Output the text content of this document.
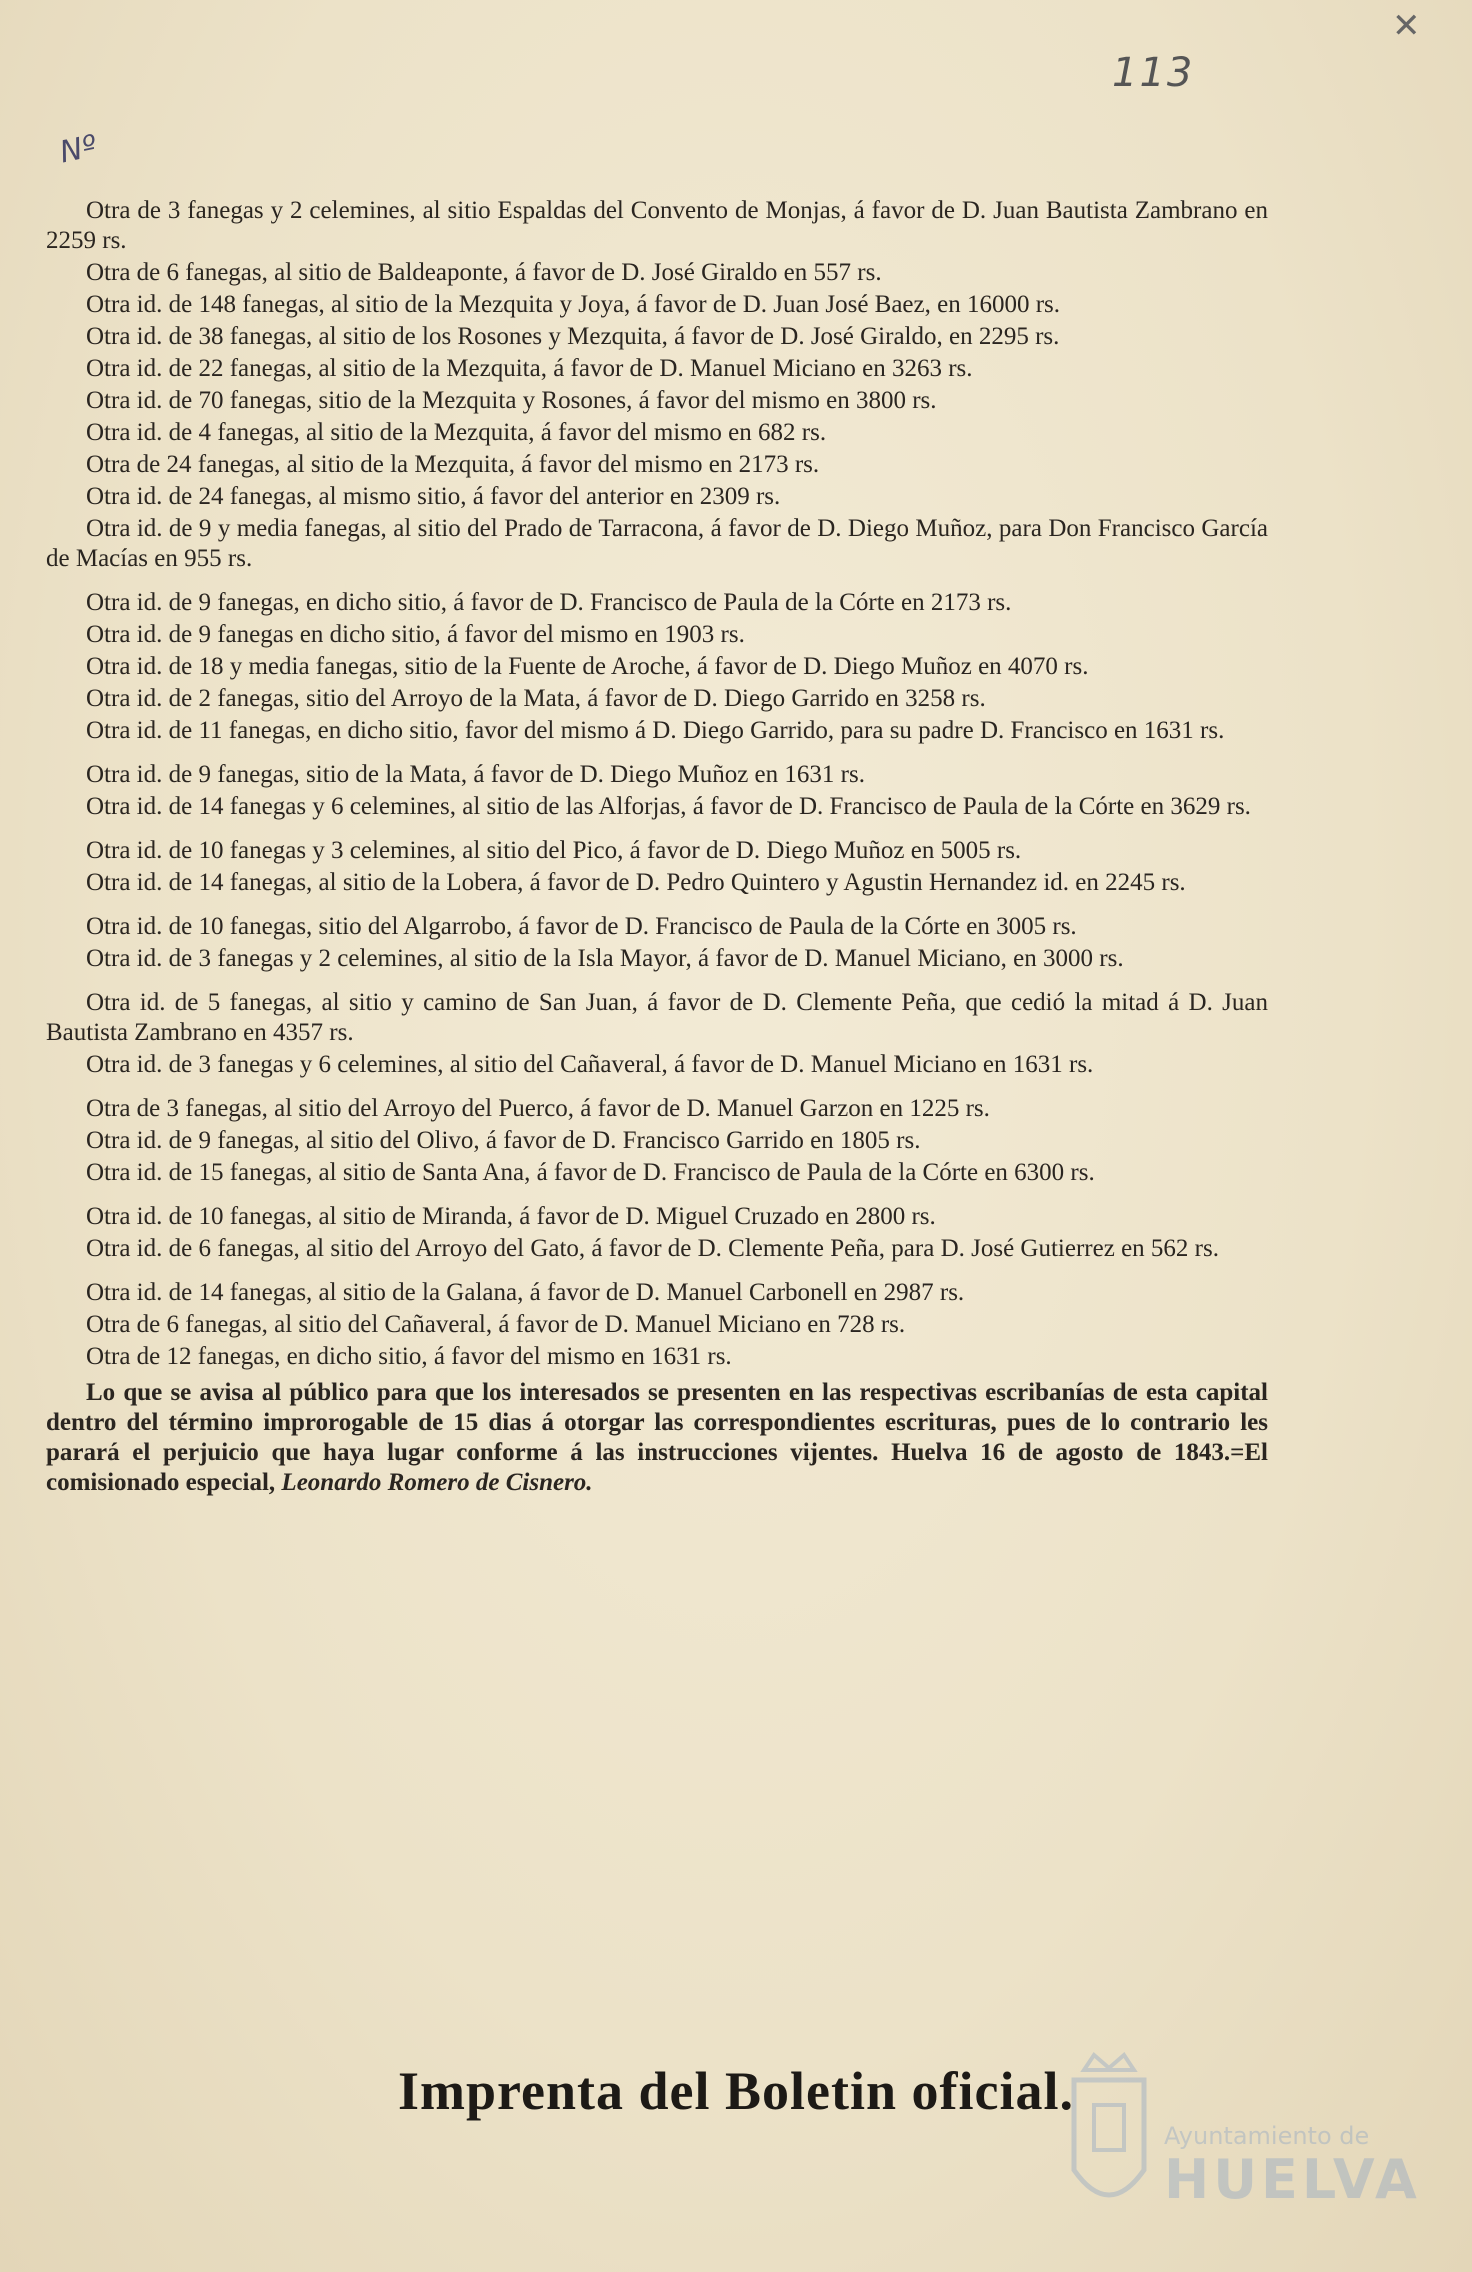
✕
113
Nº

Otra de 3 fanegas y 2 celemines, al sitio Espaldas del Convento de Monjas, á favor de D. Juan Bautista Zambrano en 2259 rs.

Otra de 6 fanegas, al sitio de Baldeaponte, á favor de D. José Giraldo en 557 rs.

Otra id. de 148 fanegas, al sitio de la Mezquita y Joya, á favor de D. Juan José Baez, en 16000 rs.

Otra id. de 38 fanegas, al sitio de los Rosones y Mezquita, á favor de D. José Giraldo, en 2295 rs.

Otra id. de 22 fanegas, al sitio de la Mezquita, á favor de D. Manuel Miciano en 3263 rs.

Otra id. de 70 fanegas, sitio de la Mezquita y Rosones, á favor del mismo en 3800 rs.

Otra id. de 4 fanegas, al sitio de la Mezquita, á favor del mismo en 682 rs.

Otra de 24 fanegas, al sitio de la Mezquita, á favor del mismo en 2173 rs.

Otra id. de 24 fanegas, al mismo sitio, á favor del anterior en 2309 rs.

Otra id. de 9 y media fanegas, al sitio del Prado de Tarracona, á favor de D. Diego Muñoz, para Don Francisco García de Macías en 955 rs.

Otra id. de 9 fanegas, en dicho sitio, á favor de D. Francisco de Paula de la Córte en 2173 rs.

Otra id. de 9 fanegas en dicho sitio, á favor del mismo en 1903 rs.

Otra id. de 18 y media fanegas, sitio de la Fuente de Aroche, á favor de D. Diego Muñoz en 4070 rs.

Otra id. de 2 fanegas, sitio del Arroyo de la Mata, á favor de D. Diego Garrido en 3258 rs.

Otra id. de 11 fanegas, en dicho sitio, favor del mismo á D. Diego Garrido, para su padre D. Francisco en 1631 rs.

Otra id. de 9 fanegas, sitio de la Mata, á favor de D. Diego Muñoz en 1631 rs.

Otra id. de 14 fanegas y 6 celemines, al sitio de las Alforjas, á favor de D. Francisco de Paula de la Córte en 3629 rs.

Otra id. de 10 fanegas y 3 celemines, al sitio del Pico, á favor de D. Diego Muñoz en 5005 rs.

Otra id. de 14 fanegas, al sitio de la Lobera, á favor de D. Pedro Quintero y Agustin Hernandez id. en 2245 rs.

Otra id. de 10 fanegas, sitio del Algarrobo, á favor de D. Francisco de Paula de la Córte en 3005 rs.

Otra id. de 3 fanegas y 2 celemines, al sitio de la Isla Mayor, á favor de D. Manuel Miciano, en 3000 rs.

Otra id. de 5 fanegas, al sitio y camino de San Juan, á favor de D. Clemente Peña, que cedió la mitad á D. Juan Bautista Zambrano en 4357 rs.

Otra id. de 3 fanegas y 6 celemines, al sitio del Cañaveral, á favor de D. Manuel Miciano en 1631 rs.

Otra de 3 fanegas, al sitio del Arroyo del Puerco, á favor de D. Manuel Garzon en 1225 rs.

Otra id. de 9 fanegas, al sitio del Olivo, á favor de D. Francisco Garrido en 1805 rs.

Otra id. de 15 fanegas, al sitio de Santa Ana, á favor de D. Francisco de Paula de la Córte en 6300 rs.

Otra id. de 10 fanegas, al sitio de Miranda, á favor de D. Miguel Cruzado en 2800 rs.

Otra id. de 6 fanegas, al sitio del Arroyo del Gato, á favor de D. Clemente Peña, para D. José Gutierrez en 562 rs.

Otra id. de 14 fanegas, al sitio de la Galana, á favor de D. Manuel Carbonell en 2987 rs.

Otra de 6 fanegas, al sitio del Cañaveral, á favor de D. Manuel Miciano en 728 rs.

Otra de 12 fanegas, en dicho sitio, á favor del mismo en 1631 rs.

Lo que se avisa al público para que los interesados se presenten en las respectivas escribanías de esta capital dentro del término improrogable de 15 dias á otorgar las correspondientes escrituras, pues de lo contrario les parará el perjuicio que haya lugar conforme á las instrucciones vijentes. Huelva 16 de agosto de 1843.=El comisionado especial, Leonardo Romero de Cisnero.

Imprenta del Boletin oficial.
Ayuntamiento de
HUELVA
